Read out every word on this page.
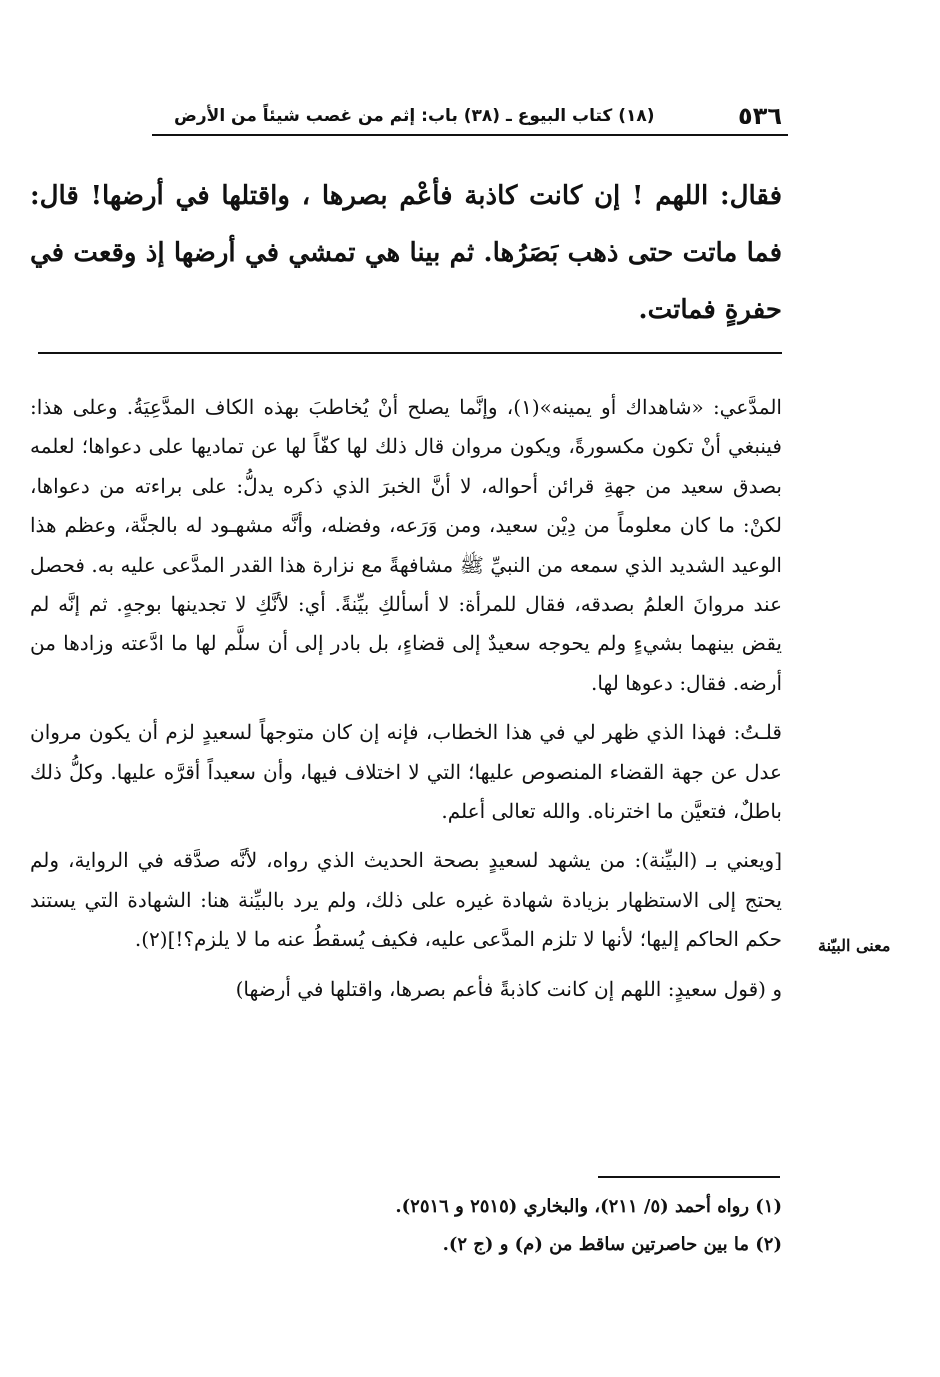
٥٣٦
(١٨) كتاب البيوع ـ (٣٨) باب: إثم من غصب شيئاً من الأرض
فقال: اللهم ! إن كانت كاذبة فأعْم بصرها ، واقتلها في أرضها! قال: فما ماتت حتى ذهب بَصَرُها. ثم بينا هي تمشي في أرضها إذ وقعت في حفرةٍ فماتت.

المدَّعي: «شاهداك أو يمينه»(١)، وإنَّما يصلح أنْ يُخاطبَ بهذه الكاف المدَّعِيَةُ. وعلى هذا: فينبغي أنْ تكون مكسورةً، ويكون مروان قال ذلك لها كفّاً لها عن تماديها على دعواها؛ لعلمه بصدق سعيد من جهةِ قرائن أحواله، لا أنَّ الخبرَ الذي ذكره يدلُّ: على براءته من دعواها، لكنْ: ما كان معلوماً من دِيْن سعيد، ومن وَرَعه، وفضله، وأنَّه مشهـود له بالجنَّة، وعظم هذا الوعيد الشديد الذي سمعه من النبيِّ ﷺ مشافهةً مع نزارة هذا القدر المدَّعى عليه به. فحصل عند مروانَ العلمُ بصدقه، فقال للمرأة: لا أسألكِ بيِّنةً. أي: لأنَّكِ لا تجدينها بوجهٍ. ثم إنَّه لم يقض بينهما بشيءٍ ولم يحوجه سعيدٌ إلى قضاءٍ، بل بادر إلى أن سلَّم لها ما ادَّعته وزادها من أرضه. فقال: دعوها لها.

قلـتُ: فهذا الذي ظهر لي في هذا الخطاب، فإنه إن كان متوجهاً لسعيدٍ لزم أن يكون مروان عدل عن جهة القضاء المنصوص عليها؛ التي لا اختلاف فيها، وأن سعيداً أقرَّه عليها. وكلُّ ذلك باطلٌ، فتعيَّن ما اخترناه. والله تعالى أعلم.

[ويعني بـ (البيِّنة): من يشهد لسعيدٍ بصحة الحديث الذي رواه، لأنَّه صدَّقه في الرواية، ولم يحتج إلى الاستظهار بزيادة شهادة غيره على ذلك، ولم يرد بالبيِّنة هنا: الشهادة التي يستند حكم الحاكم إليها؛ لأنها لا تلزم المدَّعى عليه، فكيف يُسقطُ عنه ما لا يلزم؟!](٢).

و (قول سعيدٍ: اللهم إن كانت كاذبةً فأعم بصرها، واقتلها في أرضها)

معنى البيّنة
(١) رواه أحمد (٥/ ٢١١)، والبخاري (٢٥١٥ و ٢٥١٦).
(٢) ما بين حاصرتين ساقط من (م) و (ج ٢).
